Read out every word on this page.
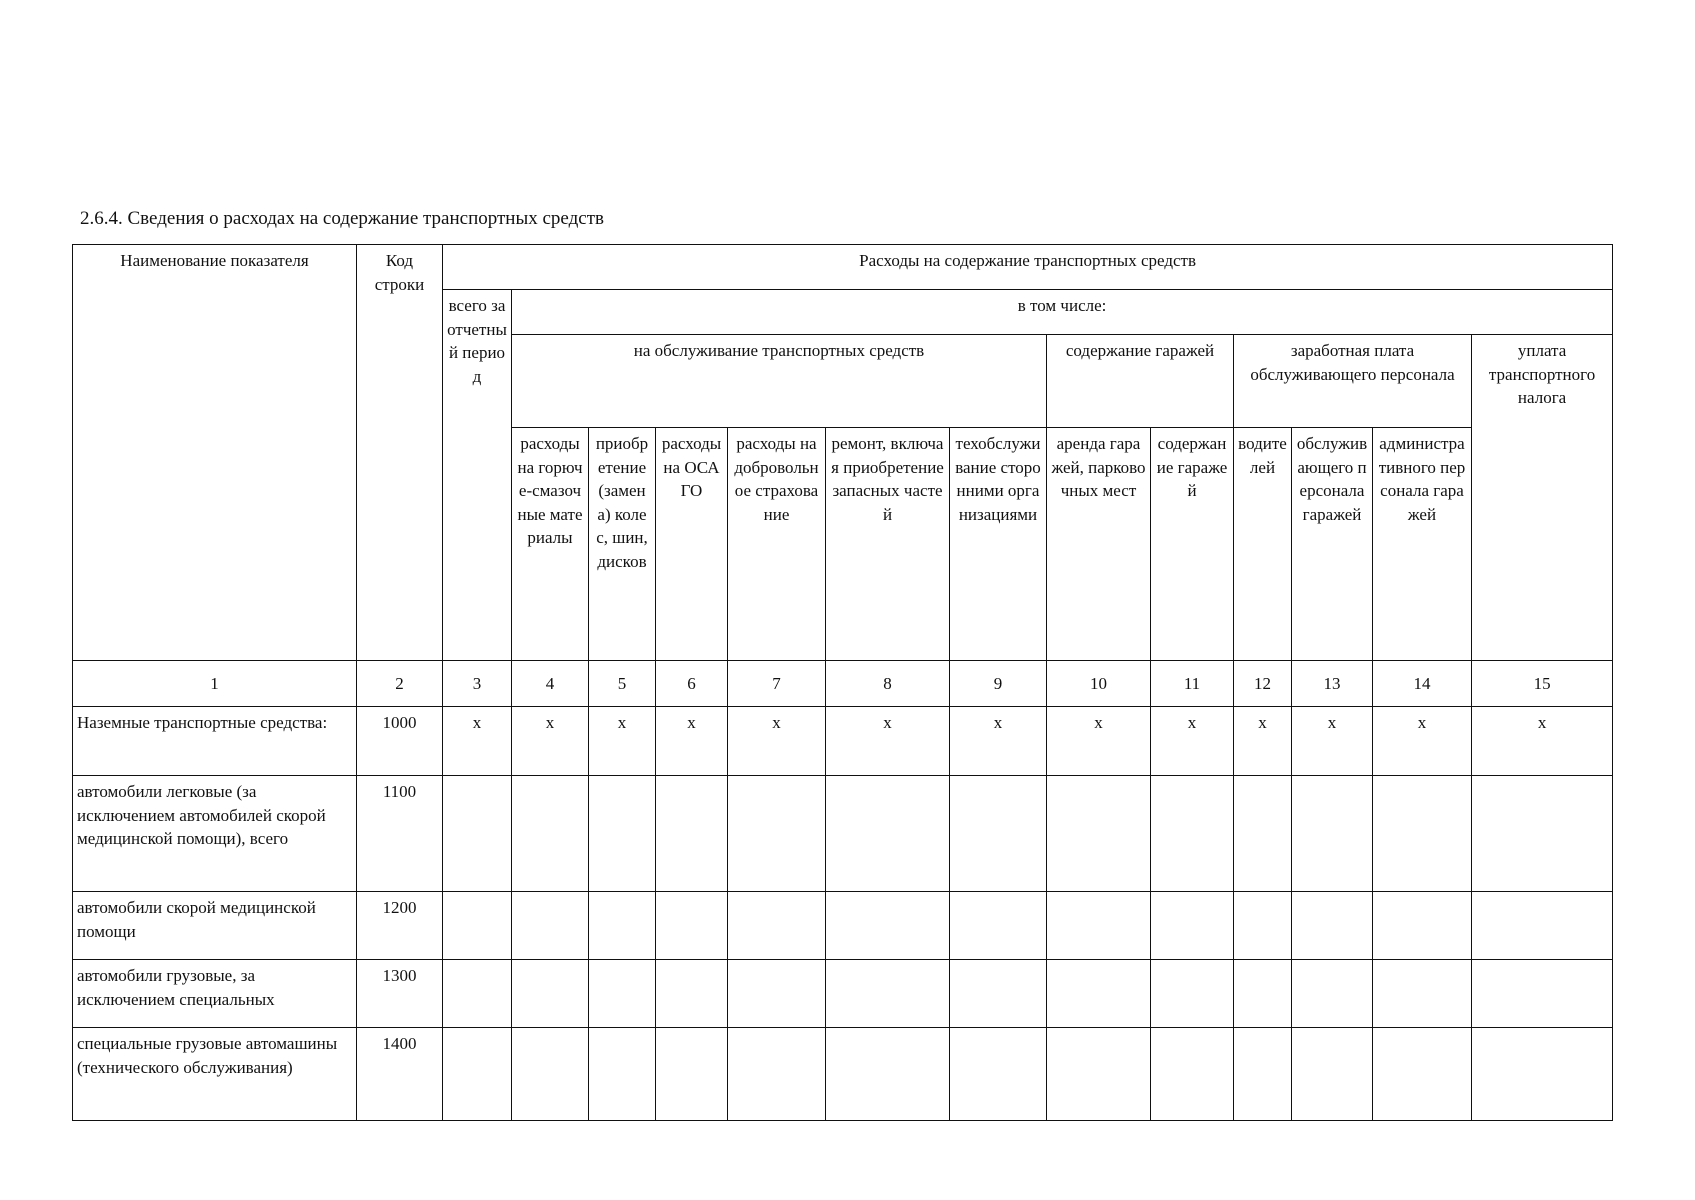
2.6.4. Сведения о расходах на содержание транспортных средств
Наименование показателя	Код строки	Расходы на содержание транспортных средств												
		всего за отчетный период	в том числе:											
			на обслуживание транспортных средств						содержание гаражей		заработная плата обслуживающего персонала			уплата транспортного налога
			расходы на горюче-смазочные материалы	приобретение (замена) колес, шин, дисков	расходы на ОСАГО	расходы на добровольное страхование	ремонт, включая приобретение запасных частей	техобслуживание сторонними организациями	аренда гаражей, парковочных мест	содержание гаражей	водителей	обслуживающего персонала гаражей	административного персонала гаражей	
1	2	3	4	5	6	7	8	9	10	11	12	13	14	15
Наземные транспортные средства:	1000	x	x	x	x	x	x	x	x	x	x	x	x	x
автомобили легковые (за исключением автомобилей скорой медицинской помощи), всего	1100													
автомобили скорой медицинской помощи	1200													
автомобили грузовые, за исключением специальных	1300													
специальные грузовые автомашины (технического обслуживания)	1400													
